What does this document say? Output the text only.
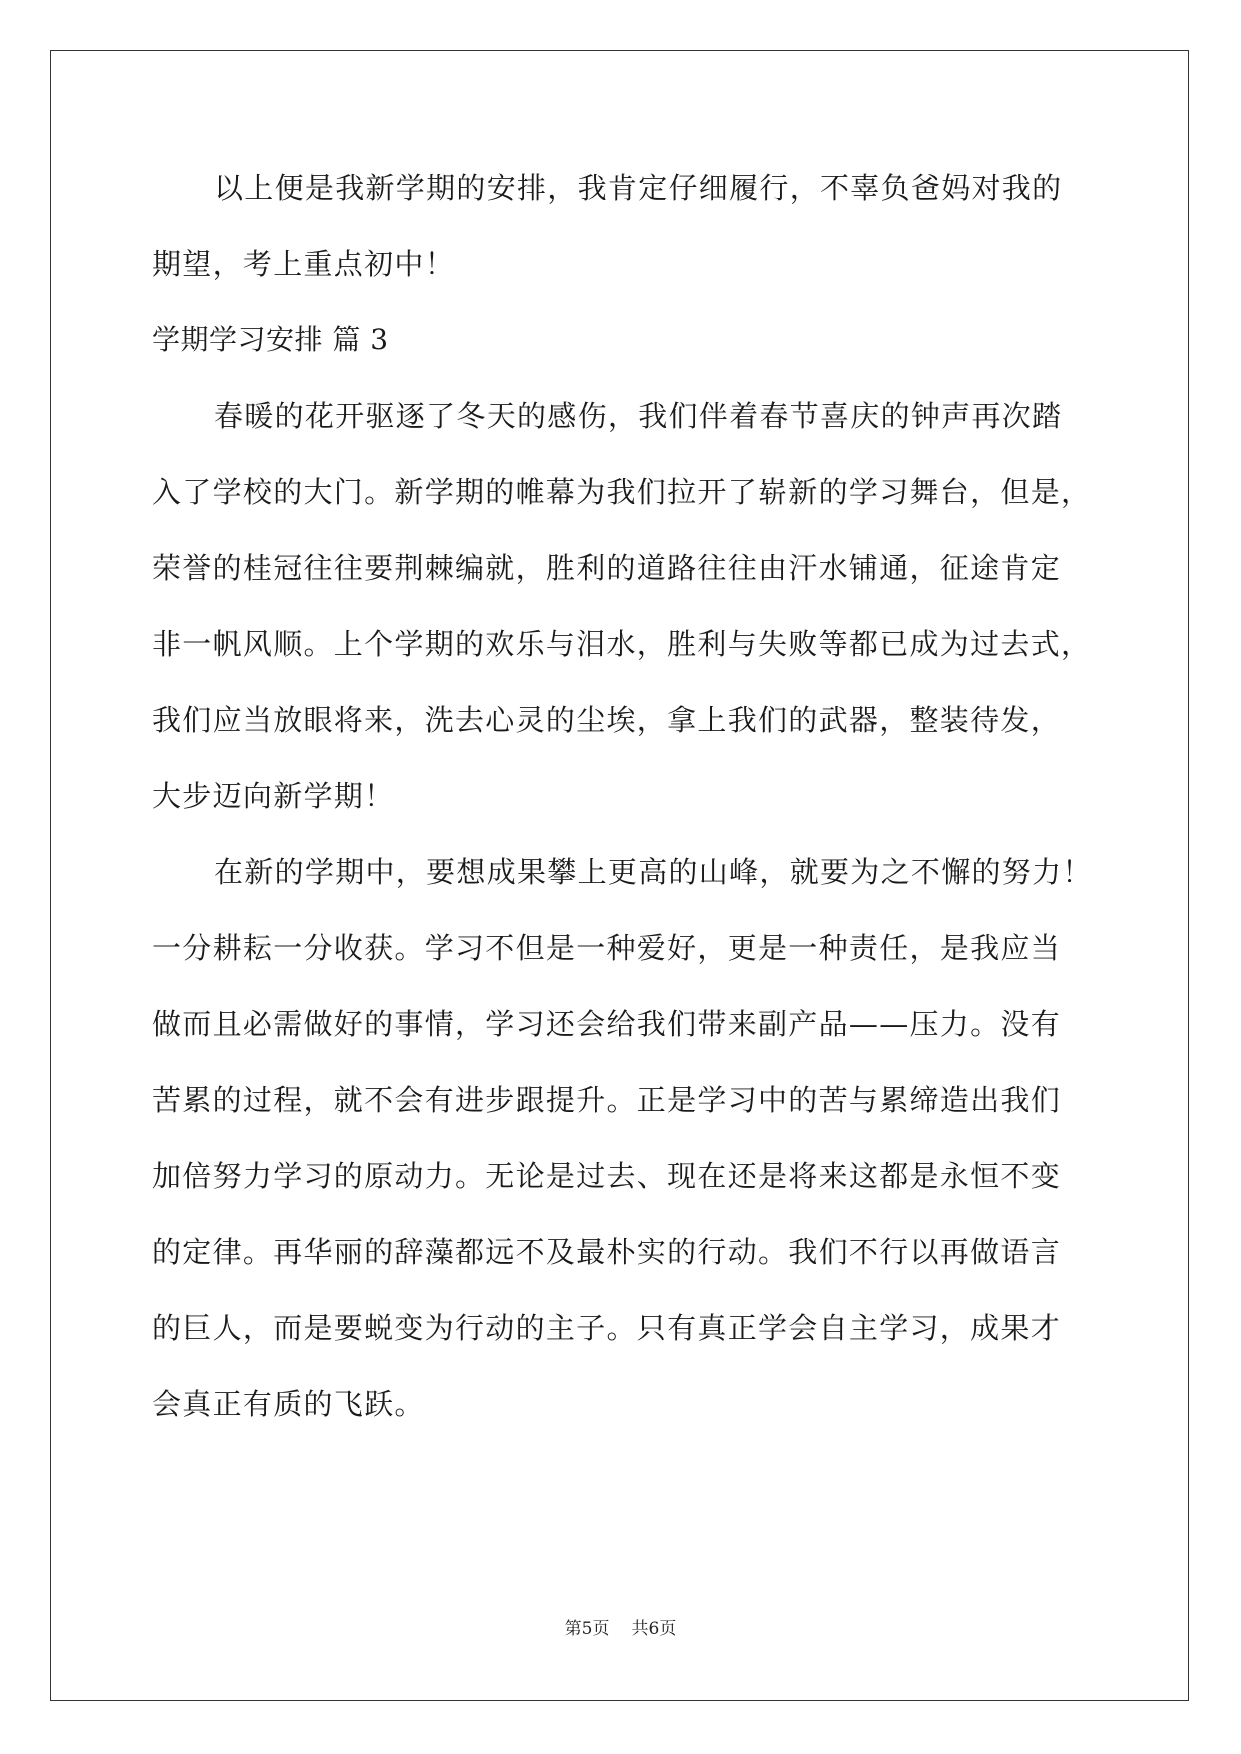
以上便是我新学期的安排，我肯定仔细履行，不辜负爸妈对我的
期望，考上重点初中！
学期学习安排 篇 3
春暖的花开驱逐了冬天的感伤，我们伴着春节喜庆的钟声再次踏
入了学校的大门。新学期的帷幕为我们拉开了崭新的学习舞台，但是，
荣誉的桂冠往往要荆棘编就，胜利的道路往往由汗水铺通，征途肯定
非一帆风顺。上个学期的欢乐与泪水，胜利与失败等都已成为过去式，
我们应当放眼将来，洗去心灵的尘埃，拿上我们的武器，整装待发，
大步迈向新学期！
在新的学期中，要想成果攀上更高的山峰，就要为之不懈的努力！
一分耕耘一分收获。学习不但是一种爱好，更是一种责任，是我应当
做而且必需做好的事情，学习还会给我们带来副产品——压力。没有
苦累的过程，就不会有进步跟提升。正是学习中的苦与累缔造出我们
加倍努力学习的原动力。无论是过去、现在还是将来这都是永恒不变
的定律。再华丽的辞藻都远不及最朴实的行动。我们不行以再做语言
的巨人，而是要蜕变为行动的主子。只有真正学会自主学习，成果才
会真正有质的飞跃。
第5页 共6页
